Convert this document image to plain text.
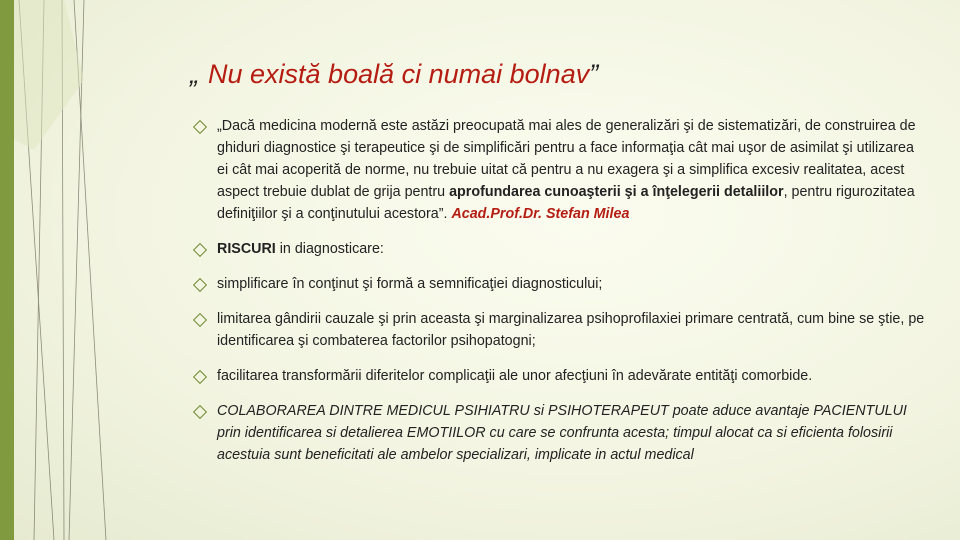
„ Nu există boală ci numai bolnav ”
„Dacă medicina modernă este astăzi preocupată mai ales de generalizări şi de sistematizări, de construirea de ghiduri diagnostice şi terapeutice şi de simplificări pentru a face informaţia cât mai uşor de asimilat şi utilizarea ei cât mai acoperită de norme, nu trebuie uitat că pentru a nu exagera şi a simplifica excesiv realitatea, acest aspect trebuie dublat de grija pentru aprofundarea cunoaşterii şi a înţelegerii detaliilor, pentru rigurozitatea definiţiilor şi a conţinutului acestora”. Acad.Prof.Dr. Stefan Milea
RISCURI in diagnosticare:
simplificare în conţinut şi formă a semnificaţiei diagnosticului;
limitarea gândirii cauzale şi prin aceasta şi marginalizarea psihoprofilaxiei primare centrată, cum bine se ştie, pe identificarea şi combaterea factorilor psihopatogni;
facilitarea transformării diferitelor complicaţii ale unor afecţiuni în adevărate entităţi comorbide.
COLABORAREA DINTRE MEDICUL PSIHIATRU si PSIHOTERAPEUT poate aduce avantaje PACIENTULUI prin identificarea si detalierea EMOTIILOR cu care se confrunta acesta; timpul alocat ca si eficienta folosirii acestuia sunt beneficitati ale ambelor specializari, implicate in actul medical
